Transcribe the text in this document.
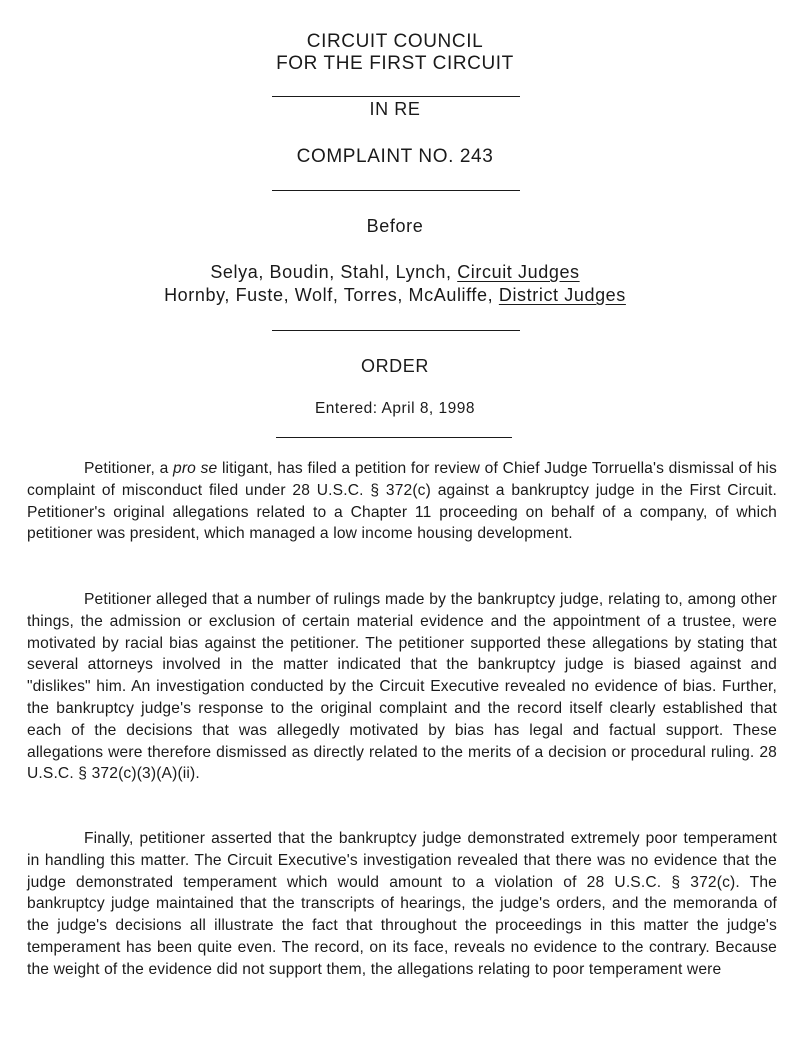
CIRCUIT COUNCIL
FOR THE FIRST CIRCUIT
IN RE
COMPLAINT NO. 243
Before
Selya, Boudin, Stahl, Lynch, Circuit Judges
Hornby, Fuste, Wolf, Torres, McAuliffe, District Judges
ORDER
Entered: April 8, 1998

Petitioner, a pro se litigant, has filed a petition for review of Chief Judge Torruella's dismissal of his complaint of misconduct filed under 28 U.S.C. § 372(c) against a bankruptcy judge in the First Circuit. Petitioner's original allegations related to a Chapter 11 proceeding on behalf of a company, of which petitioner was president, which managed a low income housing development.

Petitioner alleged that a number of rulings made by the bankruptcy judge, relating to, among other things, the admission or exclusion of certain material evidence and the appointment of a trustee, were motivated by racial bias against the petitioner. The petitioner supported these allegations by stating that several attorneys involved in the matter indicated that the bankruptcy judge is biased against and "dislikes" him. An investigation conducted by the Circuit Executive revealed no evidence of bias. Further, the bankruptcy judge's response to the original complaint and the record itself clearly established that each of the decisions that was allegedly motivated by bias has legal and factual support. These allegations were therefore dismissed as directly related to the merits of a decision or procedural ruling. 28 U.S.C. § 372(c)(3)(A)(ii).

Finally, petitioner asserted that the bankruptcy judge demonstrated extremely poor temperament in handling this matter. The Circuit Executive's investigation revealed that there was no evidence that the judge demonstrated temperament which would amount to a violation of 28 U.S.C. § 372(c). The bankruptcy judge maintained that the transcripts of hearings, the judge's orders, and the memoranda of the judge's decisions all illustrate the fact that throughout the proceedings in this matter the judge's temperament has been quite even. The record, on its face, reveals no evidence to the contrary. Because the weight of the evidence did not support them, the allegations relating to poor temperament were
